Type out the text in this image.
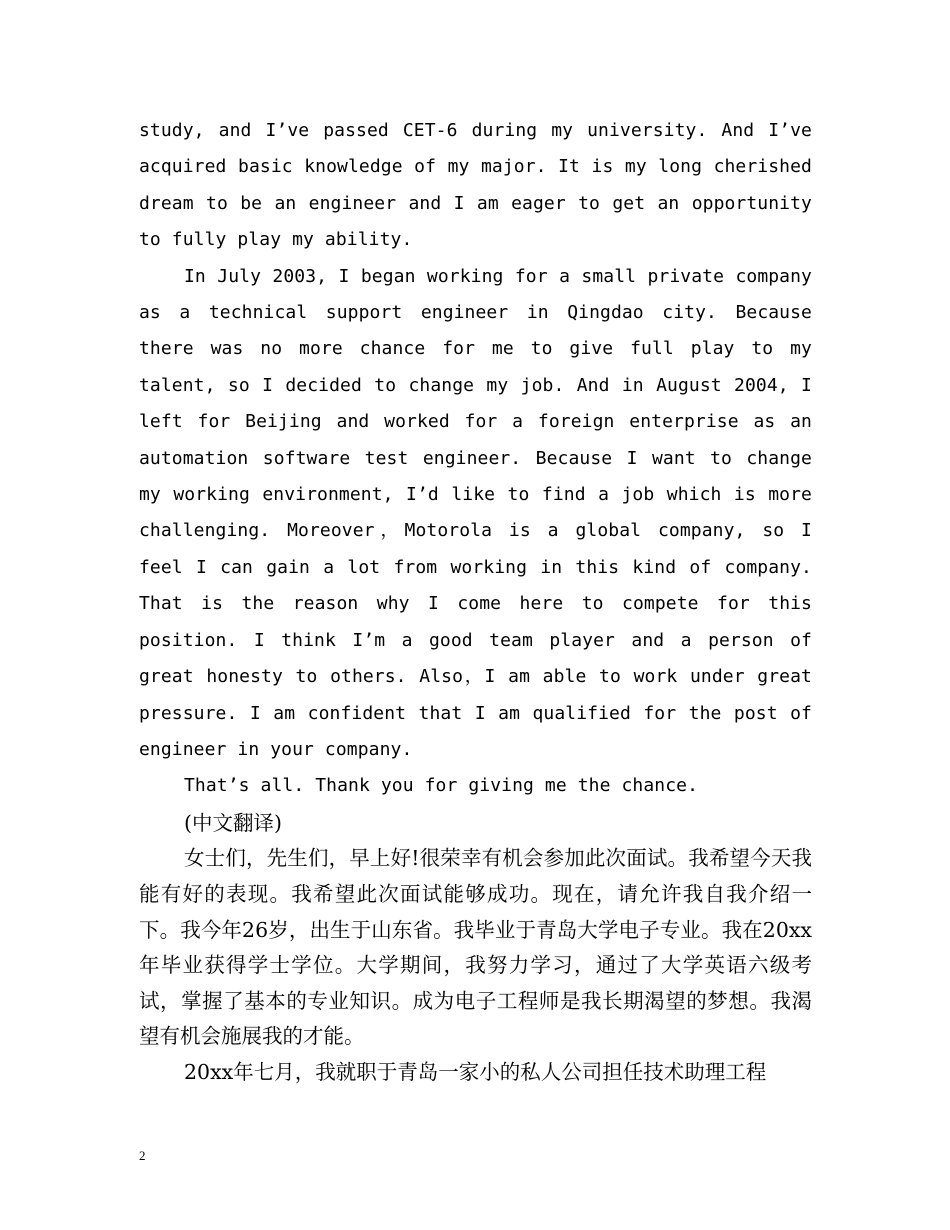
study, and I’ve passed CET-6 during my university. And I’ve acquired basic knowledge of my major. It is my long cherished dream to be an engineer and I am eager to get an opportunity to fully play my ability.

In July 2003, I began working for a small private company as a technical support engineer in Qingdao city. Because there was no more chance for me to give full play to my talent, so I decided to change my job. And in August 2004, I left for Beijing and worked for a foreign enterprise as an automation software test engineer. Because I want to change my working environment, I’d like to find a job which is more challenging. Moreover，Motorola is a global company, so I feel I can gain a lot from working in this kind of company. That is the reason why I come here to compete for this position. I think I’m a good team player and a person of great honesty to others. Also，I am able to work under great pressure. I am confident that I am qualified for the post of engineer in your company.

That’s all. Thank you for giving me the chance.

(中文翻译)

女士们，先生们，早上好!很荣幸有机会参加此次面试。我希望今天我能有好的表现。我希望此次面试能够成功。现在，请允许我自我介绍一下。我今年26岁，出生于山东省。我毕业于青岛大学电子专业。我在20xx年毕业获得学士学位。大学期间，我努力学习，通过了大学英语六级考试，掌握了基本的专业知识。成为电子工程师是我长期渴望的梦想。我渴望有机会施展我的才能。

20xx年七月，我就职于青岛一家小的私人公司担任技术助理工程

2
